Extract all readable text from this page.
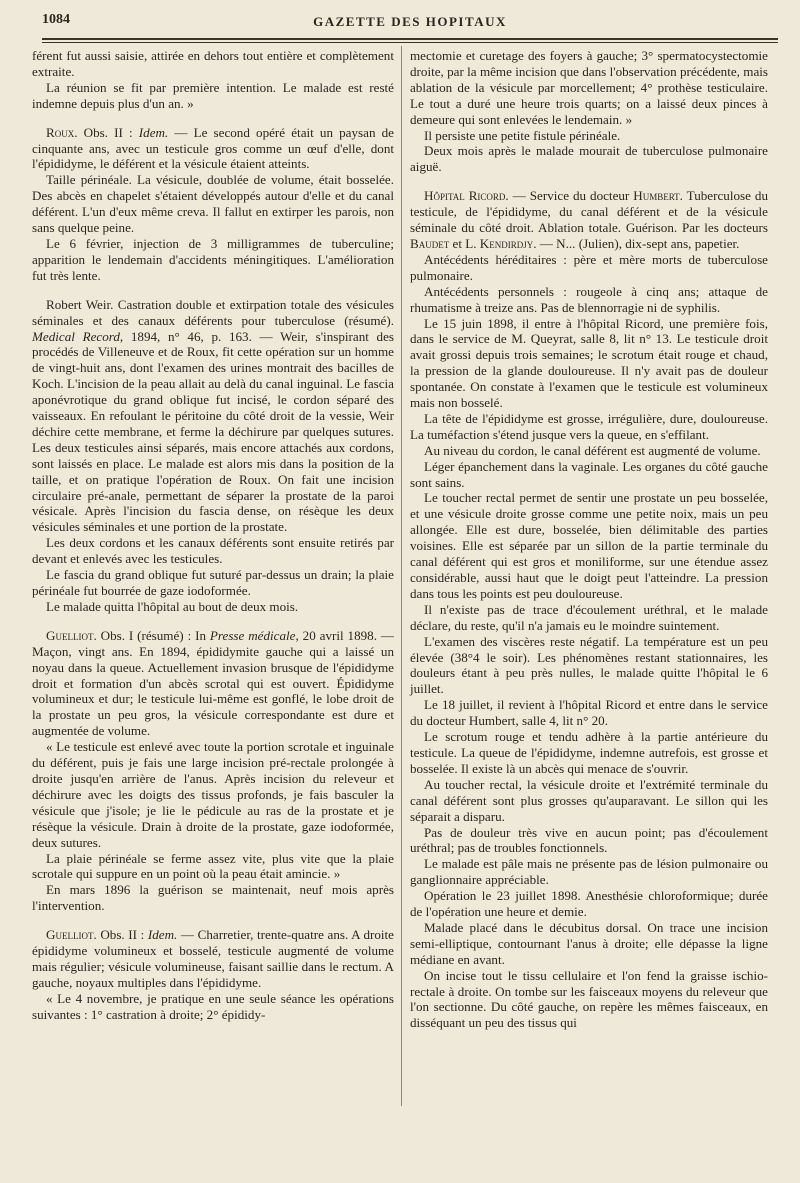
1084	GAZETTE DES HOPITAUX

férent fut aussi saisie, attirée en dehors tout entière et complètement extraite.

La réunion se fit par première intention. Le malade est resté indemne depuis plus d'un an. »

Roux. Obs. II : Idem. — Le second opéré était un paysan de cinquante ans, avec un testicule gros comme un œuf d'elle, dont l'épididyme, le déférent et la vésicule étaient atteints.

Taille périnéale. La vésicule, doublée de volume, était bosselée. Des abcès en chapelet s'étaient développés autour d'elle et du canal déférent. L'un d'eux même creva. Il fallut en extirper les parois, non sans quelque peine.

Le 6 février, injection de 3 milligrammes de tuberculine; apparition le lendemain d'accidents méningitiques. L'amélioration fut très lente.

Robert Weir. Castration double et extirpation totale des vésicules séminales et des canaux déférents pour tuberculose (résumé). Medical Record, 1894, n° 46, p. 163. — Weir, s'inspirant des procédés de Villeneuve et de Roux, fit cette opération sur un homme de vingt-huit ans, dont l'examen des urines montrait des bacilles de Koch. L'incision de la peau allait au delà du canal inguinal. Le fascia aponévrotique du grand oblique fut incisé, le cordon séparé des vaisseaux. En refoulant le péritoine du côté droit de la vessie, Weir déchire cette membrane, et ferme la déchirure par quelques sutures. Les deux testicules ainsi séparés, mais encore attachés aux cordons, sont laissés en place. Le malade est alors mis dans la position de la taille, et on pratique l'opération de Roux. On fait une incision circulaire pré-anale, permettant de séparer la prostate de la paroi vésicale. Après l'incision du fascia dense, on résèque les deux vésicules séminales et une portion de la prostate.

Les deux cordons et les canaux déférents sont ensuite retirés par devant et enlevés avec les testicules.

Le fascia du grand oblique fut suturé par-dessus un drain; la plaie périnéale fut bourrée de gaze iodoformée.

Le malade quitta l'hôpital au bout de deux mois.

Guelliot. Obs. I (résumé) : In Presse médicale, 20 avril 1898. — Maçon, vingt ans. En 1894, épididymite gauche qui a laissé un noyau dans la queue. Actuellement invasion brusque de l'épididyme droit et formation d'un abcès scrotal qui est ouvert. Épididyme volumineux et dur; le testicule lui-même est gonflé, le lobe droit de la prostate un peu gros, la vésicule correspondante est dure et augmentée de volume.

« Le testicule est enlevé avec toute la portion scrotale et inguinale du déférent, puis je fais une large incision pré-rectale prolongée à droite jusqu'en arrière de l'anus. Après incision du releveur et déchirure avec les doigts des tissus profonds, je fais basculer la vésicule que j'isole; je lie le pédicule au ras de la prostate et je résèque la vésicule. Drain à droite de la prostate, gaze iodoformée, deux sutures.

La plaie périnéale se ferme assez vite, plus vite que la plaie scrotale qui suppure en un point où la peau était amincie. »

En mars 1896 la guérison se maintenait, neuf mois après l'intervention.

Guelliot. Obs. II : Idem. — Charretier, trente-quatre ans. A droite épididyme volumineux et bosselé, testicule augmenté de volume mais régulier; vésicule volumineuse, faisant saillie dans le rectum. A gauche, noyaux multiples dans l'épididyme.

« Le 4 novembre, je pratique en une seule séance les opérations suivantes : 1° castration à droite; 2° épididy-

mectomie et curetage des foyers à gauche; 3° spermatocystectomie droite, par la même incision que dans l'observation précédente, mais ablation de la vésicule par morcellement; 4° prothèse testiculaire. Le tout a duré une heure trois quarts; on a laissé deux pinces à demeure qui sont enlevées le lendemain. »

Il persiste une petite fistule périnéale.

Deux mois après le malade mourait de tuberculose pulmonaire aiguë.

Hôpital Ricord. — Service du docteur Humbert. Tuberculose du testicule, de l'épididyme, du canal déférent et de la vésicule séminale du côté droit. Ablation totale. Guérison. Par les docteurs Baudet et L. Kendirdjy. — N... (Julien), dix-sept ans, papetier.

Antécédents héréditaires : père et mère morts de tuberculose pulmonaire.

Antécédents personnels : rougeole à cinq ans; attaque de rhumatisme à treize ans. Pas de blennorragie ni de syphilis.

Le 15 juin 1898, il entre à l'hôpital Ricord, une première fois, dans le service de M. Queyrat, salle 8, lit n° 13. Le testicule droit avait grossi depuis trois semaines; le scrotum était rouge et chaud, la pression de la glande douloureuse. Il n'y avait pas de douleur spontanée. On constate à l'examen que le testicule est volumineux mais non bosselé.

La tête de l'épididyme est grosse, irrégulière, dure, douloureuse. La tuméfaction s'étend jusque vers la queue, en s'effilant.

Au niveau du cordon, le canal déférent est augmenté de volume.

Léger épanchement dans la vaginale. Les organes du côté gauche sont sains.

Le toucher rectal permet de sentir une prostate un peu bosselée, et une vésicule droite grosse comme une petite noix, mais un peu allongée. Elle est dure, bosselée, bien délimitable des parties voisines. Elle est séparée par un sillon de la partie terminale du canal déférent qui est gros et moniliforme, sur une étendue assez considérable, aussi haut que le doigt peut l'atteindre. La pression dans tous les points est peu douloureuse.

Il n'existe pas de trace d'écoulement uréthral, et le malade déclare, du reste, qu'il n'a jamais eu le moindre suintement.

L'examen des viscères reste négatif. La température est un peu élevée (38°4 le soir). Les phénomènes restant stationnaires, les douleurs étant à peu près nulles, le malade quitte l'hôpital le 6 juillet.

Le 18 juillet, il revient à l'hôpital Ricord et entre dans le service du docteur Humbert, salle 4, lit n° 20.

Le scrotum rouge et tendu adhère à la partie antérieure du testicule. La queue de l'épididyme, indemne autrefois, est grosse et bosselée. Il existe là un abcès qui menace de s'ouvrir.

Au toucher rectal, la vésicule droite et l'extrémité terminale du canal déférent sont plus grosses qu'auparavant. Le sillon qui les séparait a disparu.

Pas de douleur très vive en aucun point; pas d'écoulement uréthral; pas de troubles fonctionnels.

Le malade est pâle mais ne présente pas de lésion pulmonaire ou ganglionnaire appréciable.

Opération le 23 juillet 1898. Anesthésie chloroformique; durée de l'opération une heure et demie.

Malade placé dans le décubitus dorsal. On trace une incision semi-elliptique, contournant l'anus à droite; elle dépasse la ligne médiane en avant.

On incise tout le tissu cellulaire et l'on fend la graisse ischio-rectale à droite. On tombe sur les faisceaux moyens du releveur que l'on sectionne. Du côté gauche, on repère les mêmes faisceaux, en disséquant un peu des tissus qui
